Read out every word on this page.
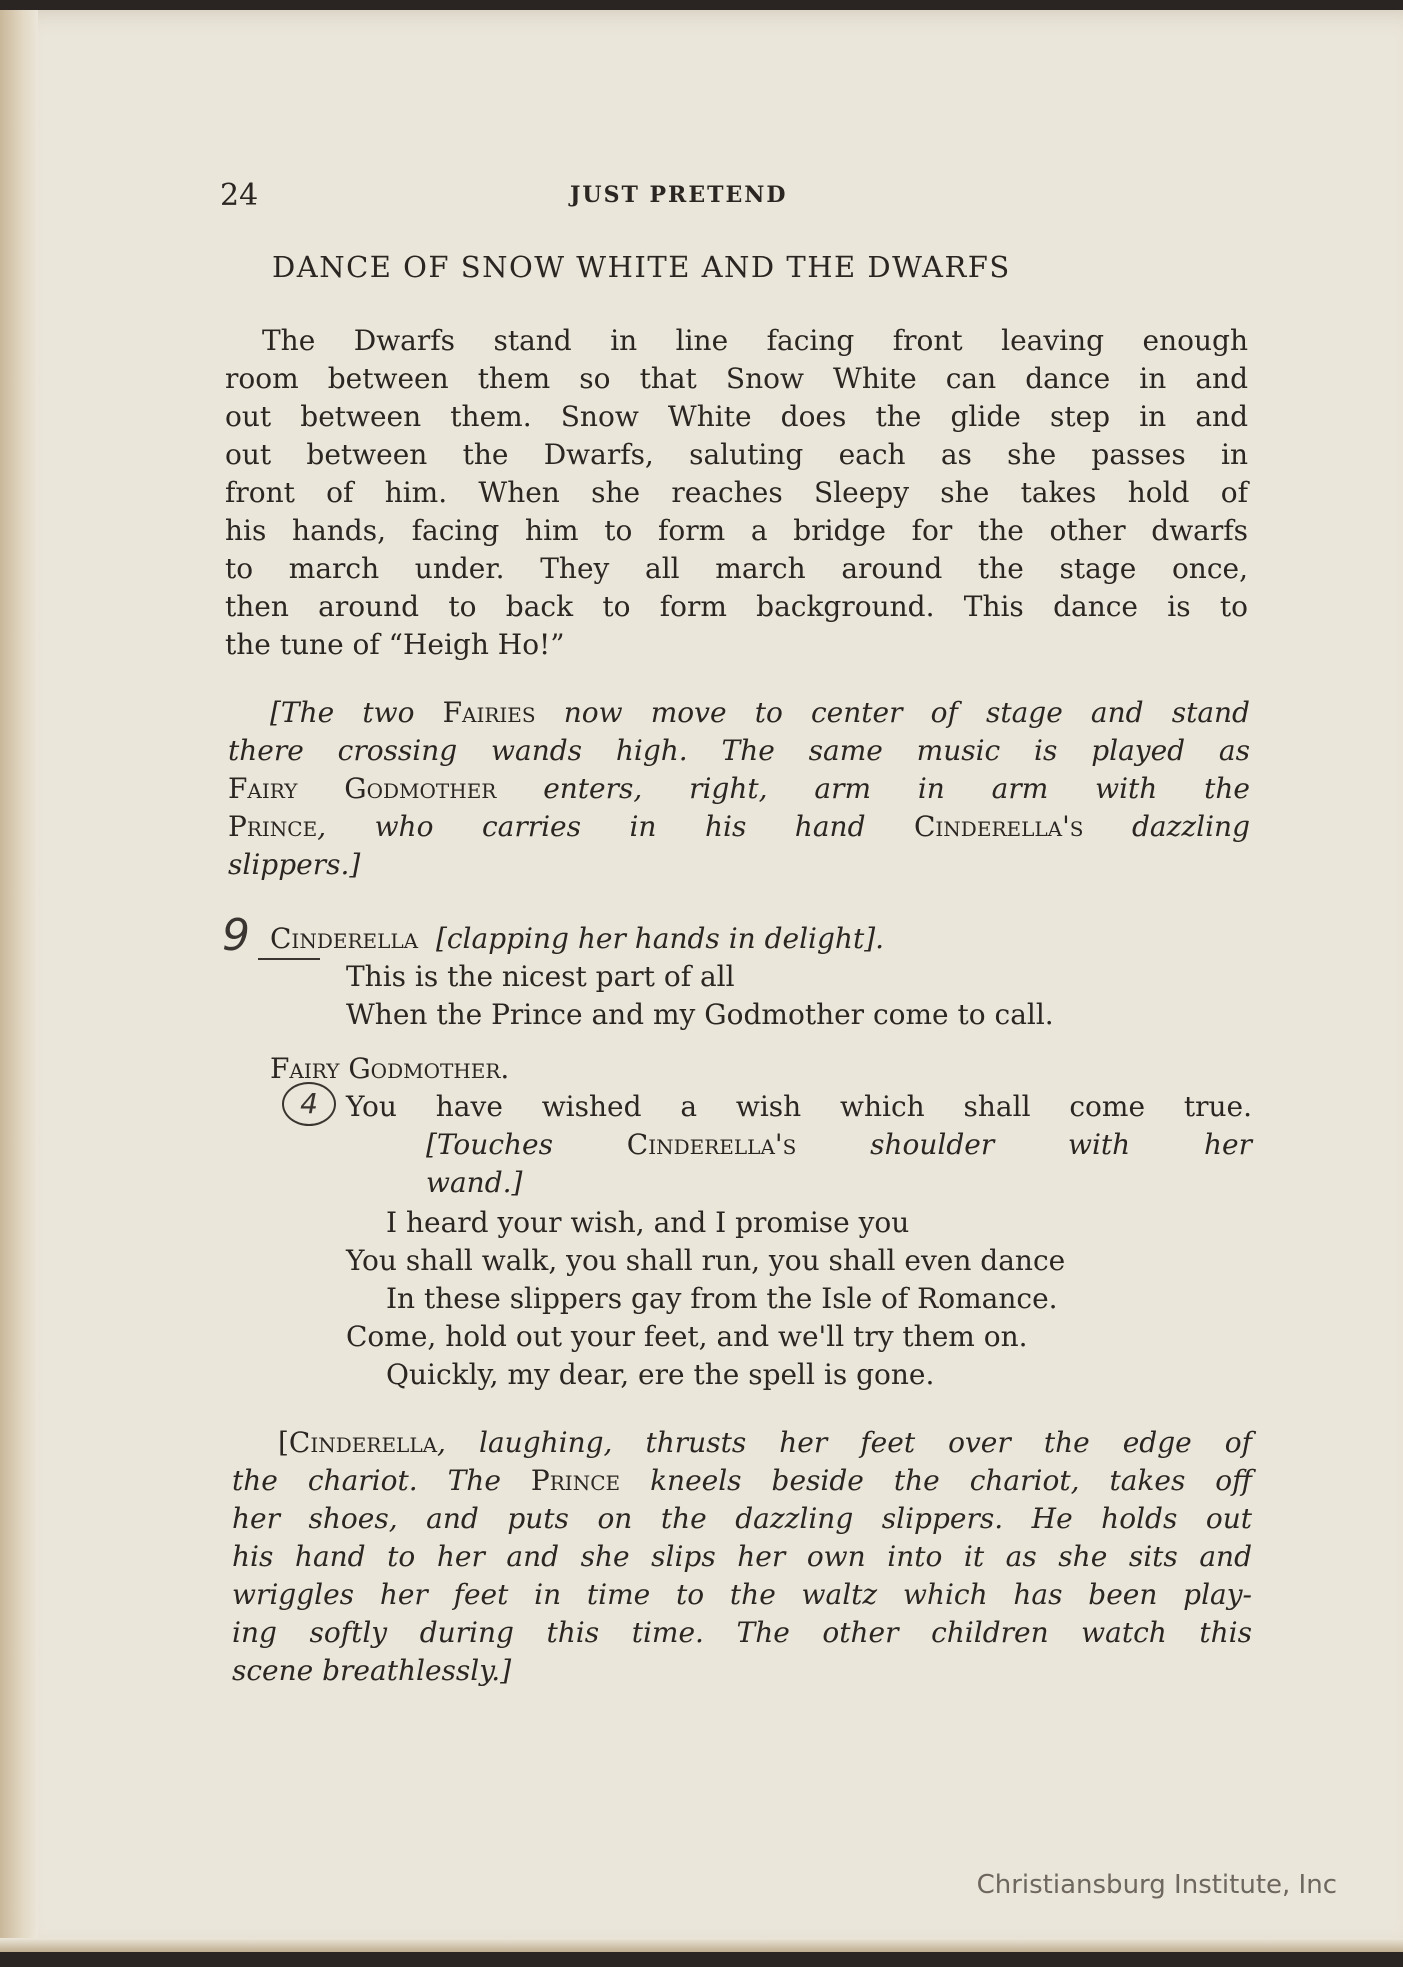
24	JUST PRETEND
DANCE OF SNOW WHITE AND THE DWARFS
The Dwarfs stand in line facing front leaving enough
room between them so that Snow White can dance in and
out between them. Snow White does the glide step in and
out between the Dwarfs, saluting each as she passes in
front of him. When she reaches Sleepy she takes hold of
his hands, facing him to form a bridge for the other dwarfs
to march under. They all march around the stage once,
then around to back to form background. This dance is to
the tune of “Heigh Ho!”
[The two Fairies now move to center of stage and stand
there crossing wands high. The same music is played as
Fairy Godmother enters, right, arm in arm with the
Prince, who carries in his hand Cinderella's dazzling
slippers.]
9 Cinderella [clapping her hands in delight].
This is the nicest part of all
When the Prince and my Godmother come to call.
Fairy Godmother.
4	You have wished a wish which shall come true.
[Touches	Cinderella's	shoulder	with	her
wand.]
I heard your wish, and I promise you
You shall walk, you shall run, you shall even dance
In these slippers gay from the Isle of Romance.
Come, hold out your feet, and we'll try them on.
Quickly, my dear, ere the spell is gone.
[Cinderella, laughing, thrusts her feet over the edge of
the chariot. The Prince kneels beside the chariot, takes off
her shoes, and puts on the dazzling slippers. He holds out
his hand to her and she slips her own into it as she sits and
wriggles her feet in time to the waltz which has been play-
ing softly during this time. The other children watch this
scene breathlessly.]
Christiansburg Institute, Inc
